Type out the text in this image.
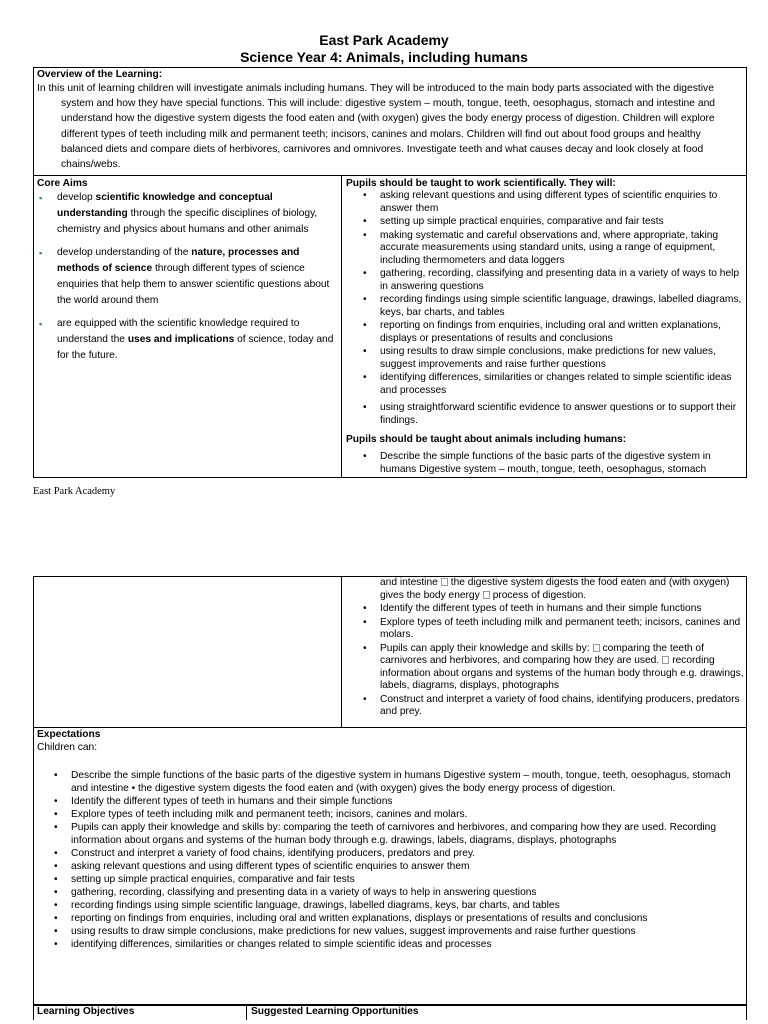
East Park Academy
Science Year 4: Animals, including humans
Overview of the Learning:

In this unit of learning children will investigate animals including humans. They will be introduced to the main body parts associated with the digestive system and how they have special functions. This will include: digestive system – mouth, tongue, teeth, oesophagus, stomach and intestine and understand how the digestive system digests the food eaten and (with oxygen) gives the body energy process of digestion. Children will explore different types of teeth including milk and permanent teeth; incisors, canines and molars. Children will find out about food groups and healthy balanced diets and compare diets of herbivores, carnivores and omnivores. Investigate teeth and what causes decay and look closely at food chains/webs.

Core Aims
▪ develop scientific knowledge and conceptual understanding through the specific disciplines of biology, chemistry and physics about humans and other animals
▪ develop understanding of the nature, processes and methods of science through different types of science enquiries that help them to answer scientific questions about the world around them
▪ are equipped with the scientific knowledge required to understand the uses and implications of science, today and for the future.
Pupils should be taught to work scientifically. They will:
• asking relevant questions and using different types of scientific enquiries to answer them
• setting up simple practical enquiries, comparative and fair tests
• making systematic and careful observations and, where appropriate, taking accurate measurements using standard units, using a range of equipment, including thermometers and data loggers
• gathering, recording, classifying and presenting data in a variety of ways to help in answering questions
• recording findings using simple scientific language, drawings, labelled diagrams, keys, bar charts, and tables
• reporting on findings from enquiries, including oral and written explanations, displays or presentations of results and conclusions
• using results to draw simple conclusions, make predictions for new values, suggest improvements and raise further questions
• identifying differences, similarities or changes related to simple scientific ideas and processes
• using straightforward scientific evidence to answer questions or to support their findings.
Pupils should be taught about animals including humans:
• Describe the simple functions of the basic parts of the digestive system in humans Digestive system – mouth, tongue, teeth, oesophagus, stomach
East Park Academy

and intestine the digestive system digests the food eaten and (with oxygen) gives the body energy process of digestion.

• Identify the different types of teeth in humans and their simple functions
• Explore types of teeth including milk and permanent teeth; incisors, canines and molars.
• Pupils can apply their knowledge and skills by: comparing the teeth of carnivores and herbivores, and comparing how they are used. recording information about organs and systems of the human body through e.g. drawings, labels, diagrams, displays, photographs
• Construct and interpret a variety of food chains, identifying producers, predators and prey.
Expectations

Children can:

• Describe the simple functions of the basic parts of the digestive system in humans Digestive system – mouth, tongue, teeth, oesophagus, stomach and intestine • the digestive system digests the food eaten and (with oxygen) gives the body energy process of digestion.
• Identify the different types of teeth in humans and their simple functions
• Explore types of teeth including milk and permanent teeth; incisors, canines and molars.
• Pupils can apply their knowledge and skills by: comparing the teeth of carnivores and herbivores, and comparing how they are used. Recording information about organs and systems of the human body through e.g. drawings, labels, diagrams, displays, photographs
• Construct and interpret a variety of food chains, identifying producers, predators and prey.
• asking relevant questions and using different types of scientific enquiries to answer them
• setting up simple practical enquiries, comparative and fair tests
• gathering, recording, classifying and presenting data in a variety of ways to help in answering questions
• recording findings using simple scientific language, drawings, labelled diagrams, keys, bar charts, and tables
• reporting on findings from enquiries, including oral and written explanations, displays or presentations of results and conclusions
• using results to draw simple conclusions, make predictions for new values, suggest improvements and raise further questions
• identifying differences, similarities or changes related to simple scientific ideas and processes
Learning Objectives	Suggested Learning Opportunities
